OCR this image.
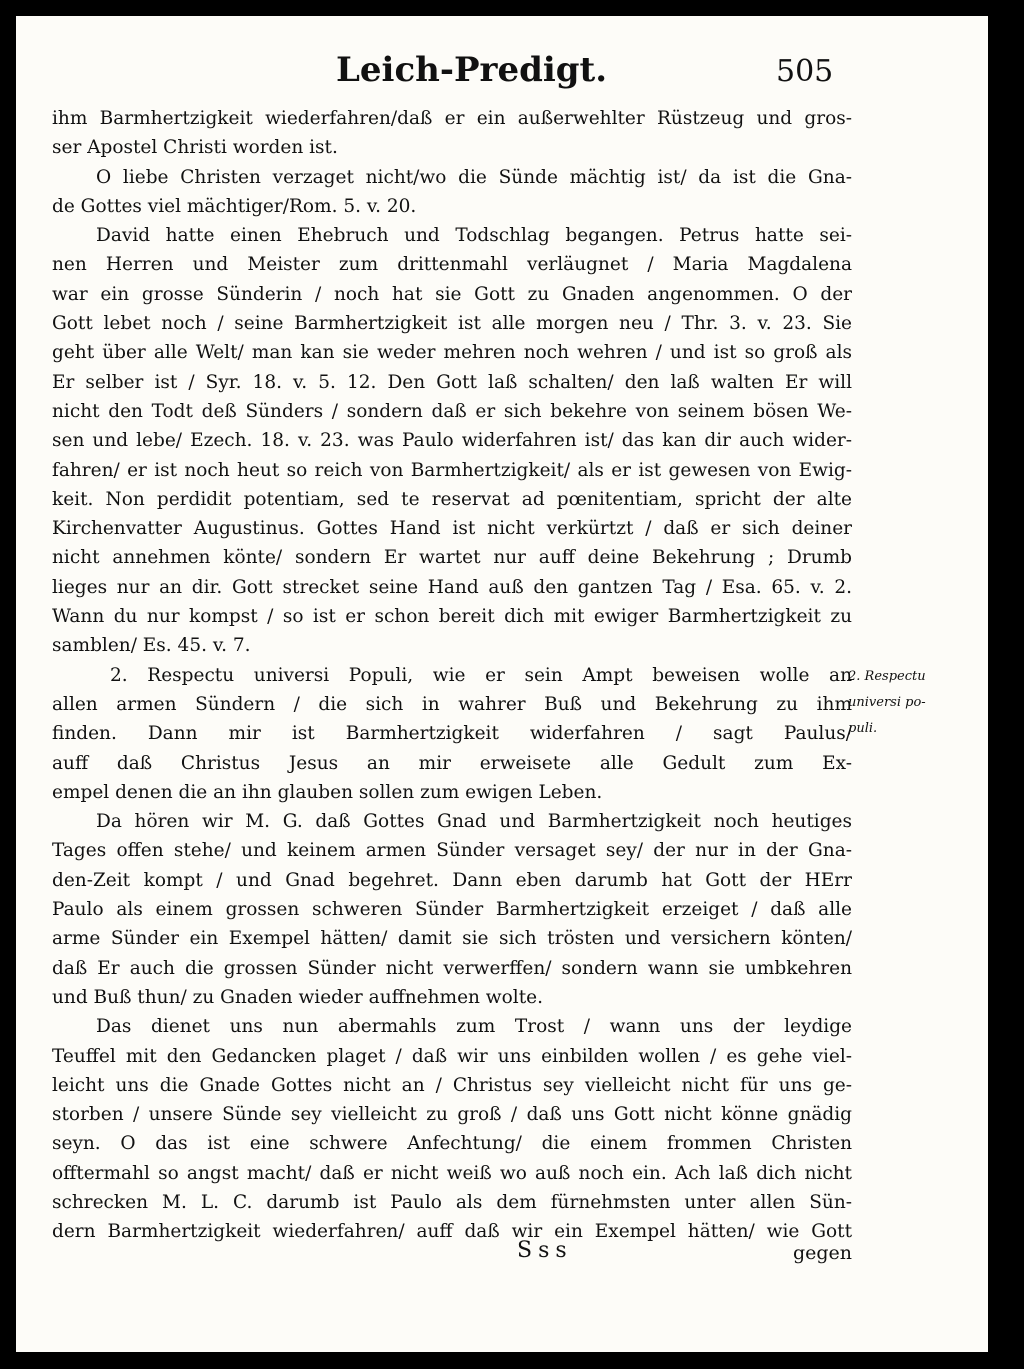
Leich-Predigt.	505
ihm Barmhertzigkeit wiederfahren/daß er ein außerwehlter Rüstzeug und gros-
ser Apostel Christi worden ist.
O liebe Christen verzaget nicht/wo die Sünde mächtig ist/ da ist die Gna-
de Gottes viel mächtiger/Rom. 5. v. 20.
David hatte einen Ehebruch und Todschlag begangen. Petrus hatte sei-
nen Herren und Meister zum drittenmahl verläugnet / Maria Magdalena
war ein grosse Sünderin / noch hat sie Gott zu Gnaden angenommen. O der
Gott lebet noch / seine Barmhertzigkeit ist alle morgen neu / Thr. 3. v. 23. Sie
geht über alle Welt/ man kan sie weder mehren noch wehren / und ist so groß als
Er selber ist / Syr. 18. v. 5. 12. Den Gott laß schalten/ den laß walten Er will
nicht den Todt deß Sünders / sondern daß er sich bekehre von seinem bösen We-
sen und lebe/ Ezech. 18. v. 23. was Paulo widerfahren ist/ das kan dir auch wider-
fahren/ er ist noch heut so reich von Barmhertzigkeit/ als er ist gewesen von Ewig-
keit. Non perdidit potentiam, sed te reservat ad pœnitentiam, spricht der alte
Kirchenvatter Augustinus. Gottes Hand ist nicht verkürtzt / daß er sich deiner
nicht annehmen könte/ sondern Er wartet nur auff deine Bekehrung ; Drumb
lieges nur an dir. Gott strecket seine Hand auß den gantzen Tag / Esa. 65. v. 2.
Wann du nur kompst / so ist er schon bereit dich mit ewiger Barmhertzigkeit zu
samblen/ Es. 45. v. 7.
2. Respectu universi Populi, wie er sein Ampt beweisen wolle an
allen armen Sündern / die sich in wahrer Buß und Bekehrung zu ihm
finden. Dann mir ist Barmhertzigkeit widerfahren / sagt Paulus/
auff daß Christus Jesus an mir erweisete alle Gedult zum Ex-
empel denen die an ihn glauben sollen zum ewigen Leben.
Da hören wir M. G. daß Gottes Gnad und Barmhertzigkeit noch heutiges
Tages offen stehe/ und keinem armen Sünder versaget sey/ der nur in der Gna-
den-Zeit kompt / und Gnad begehret. Dann eben darumb hat Gott der HErr
Paulo als einem grossen schweren Sünder Barmhertzigkeit erzeiget / daß alle
arme Sünder ein Exempel hätten/ damit sie sich trösten und versichern könten/
daß Er auch die grossen Sünder nicht verwerffen/ sondern wann sie umbkehren
und Buß thun/ zu Gnaden wieder auffnehmen wolte.
Das dienet uns nun abermahls zum Trost / wann uns der leydige
Teuffel mit den Gedancken plaget / daß wir uns einbilden wollen / es gehe viel-
leicht uns die Gnade Gottes nicht an / Christus sey vielleicht nicht für uns ge-
storben / unsere Sünde sey vielleicht zu groß / daß uns Gott nicht könne gnädig
seyn. O das ist eine schwere Anfechtung/ die einem frommen Christen
offtermahl so angst macht/ daß er nicht weiß wo auß noch ein. Ach laß dich nicht
schrecken M. L. C. darumb ist Paulo als dem fürnehmsten unter allen Sün-
dern Barmhertzigkeit wiederfahren/ auff daß wir ein Exempel hätten/ wie Gott
2. Respectu
universi po-
puli.
Sss	gegen
